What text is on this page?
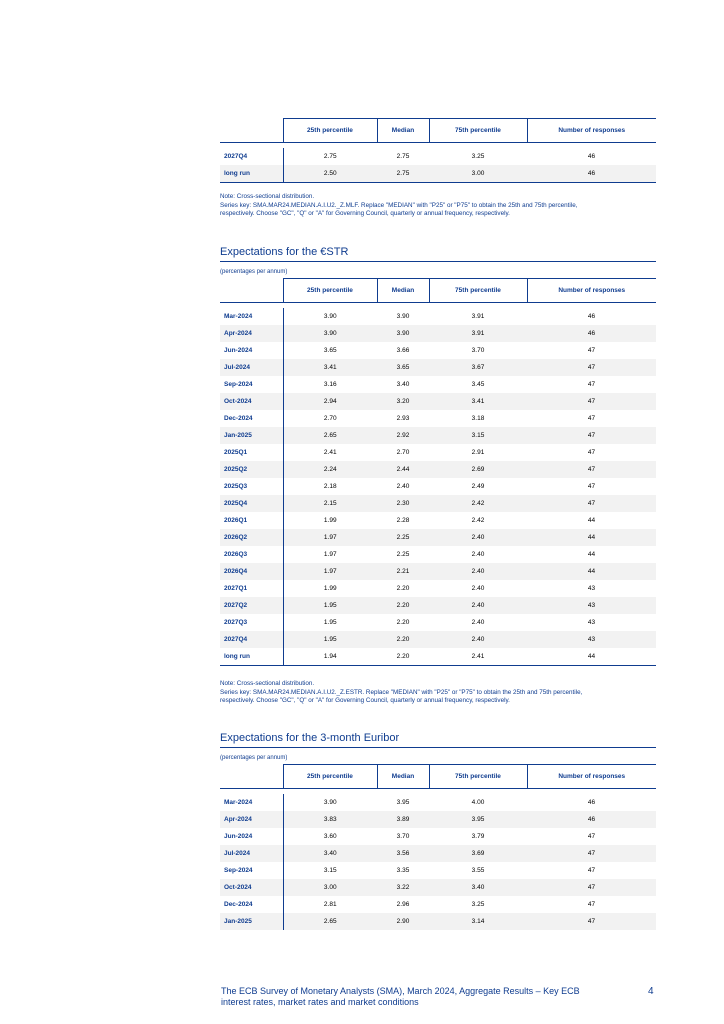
	25th percentile	Median	75th percentile	Number of responses

2027Q4	2.75	2.75	3.25	46
long run	2.50	2.75	3.00	46
Note: Cross-sectional distribution.
Series key: SMA.MAR24.MEDIAN.A.I.U2._Z.MLF. Replace "MEDIAN" with "P25" or "P75" to obtain the 25th and 75th percentile,
respectively. Choose "GC", "Q" or "A" for Governing Council, quarterly or annual frequency, respectively.
Expectations for the €STR
(percentages per annum)
	25th percentile	Median	75th percentile	Number of responses

Mar-2024	3.90	3.90	3.91	46
Apr-2024	3.90	3.90	3.91	46
Jun-2024	3.65	3.66	3.70	47
Jul-2024	3.41	3.65	3.67	47
Sep-2024	3.16	3.40	3.45	47
Oct-2024	2.94	3.20	3.41	47
Dec-2024	2.70	2.93	3.18	47
Jan-2025	2.65	2.92	3.15	47
2025Q1	2.41	2.70	2.91	47
2025Q2	2.24	2.44	2.69	47
2025Q3	2.18	2.40	2.49	47
2025Q4	2.15	2.30	2.42	47
2026Q1	1.99	2.28	2.42	44
2026Q2	1.97	2.25	2.40	44
2026Q3	1.97	2.25	2.40	44
2026Q4	1.97	2.21	2.40	44
2027Q1	1.99	2.20	2.40	43
2027Q2	1.95	2.20	2.40	43
2027Q3	1.95	2.20	2.40	43
2027Q4	1.95	2.20	2.40	43
long run	1.94	2.20	2.41	44
Note: Cross-sectional distribution.
Series key: SMA.MAR24.MEDIAN.A.I.U2._Z.ESTR. Replace "MEDIAN" with "P25" or "P75" to obtain the 25th and 75th percentile,
respectively. Choose "GC", "Q" or "A" for Governing Council, quarterly or annual frequency, respectively.
Expectations for the 3-month Euribor
(percentages per annum)
	25th percentile	Median	75th percentile	Number of responses

Mar-2024	3.90	3.95	4.00	46
Apr-2024	3.83	3.89	3.95	46
Jun-2024	3.60	3.70	3.79	47
Jul-2024	3.40	3.56	3.69	47
Sep-2024	3.15	3.35	3.55	47
Oct-2024	3.00	3.22	3.40	47
Dec-2024	2.81	2.96	3.25	47
Jan-2025	2.65	2.90	3.14	47
The ECB Survey of Monetary Analysts (SMA), March 2024, Aggregate Results – Key ECB
interest rates, market rates and market conditions
4
